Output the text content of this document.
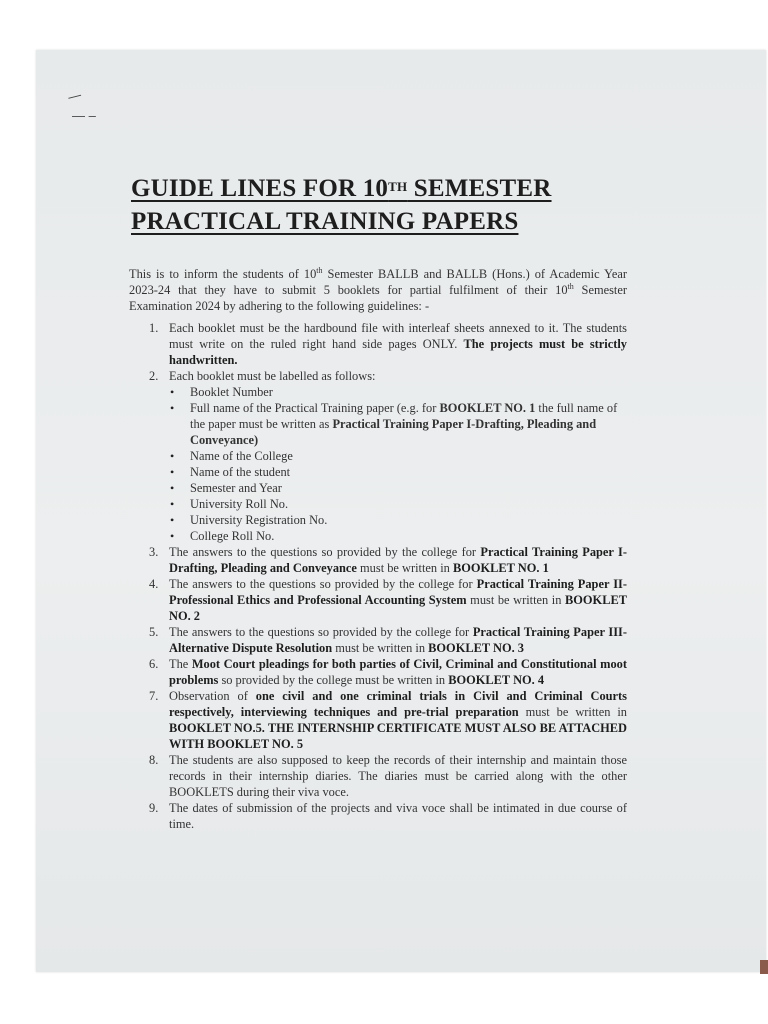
—
— –
GUIDE LINES FOR 10TH SEMESTER
PRACTICAL TRAINING PAPERS

This is to inform the students of 10th Semester BALLB and BALLB (Hons.) of Academic Year 2023-24 that they have to submit 5 booklets for partial fulfilment of their 10th Semester Examination 2024 by adhering to the following guidelines: -

1. Each booklet must be the hardbound file with interleaf sheets annexed to it. The students must write on the ruled right hand side pages ONLY. The projects must be strictly handwritten.
2. Each booklet must be labelled as follows:
• Booklet Number
• Full name of the Practical Training paper (e.g. for BOOKLET NO. 1 the full name of the paper must be written as Practical Training Paper I-Drafting, Pleading and Conveyance)
• Name of the College
• Name of the student
• Semester and Year
• University Roll No.
• University Registration No.
• College Roll No.
3. The answers to the questions so provided by the college for Practical Training Paper I-Drafting, Pleading and Conveyance must be written in BOOKLET NO. 1
4. The answers to the questions so provided by the college for Practical Training Paper II-Professional Ethics and Professional Accounting System must be written in BOOKLET NO. 2
5. The answers to the questions so provided by the college for Practical Training Paper III-Alternative Dispute Resolution must be written in BOOKLET NO. 3
6. The Moot Court pleadings for both parties of Civil, Criminal and Constitutional moot problems so provided by the college must be written in BOOKLET NO. 4
7. Observation of one civil and one criminal trials in Civil and Criminal Courts respectively, interviewing techniques and pre-trial preparation must be written in BOOKLET NO.5. THE INTERNSHIP CERTIFICATE MUST ALSO BE ATTACHED WITH BOOKLET NO. 5
8. The students are also supposed to keep the records of their internship and maintain those records in their internship diaries. The diaries must be carried along with the other BOOKLETS during their viva voce.
9. The dates of submission of the projects and viva voce shall be intimated in due course of time.
